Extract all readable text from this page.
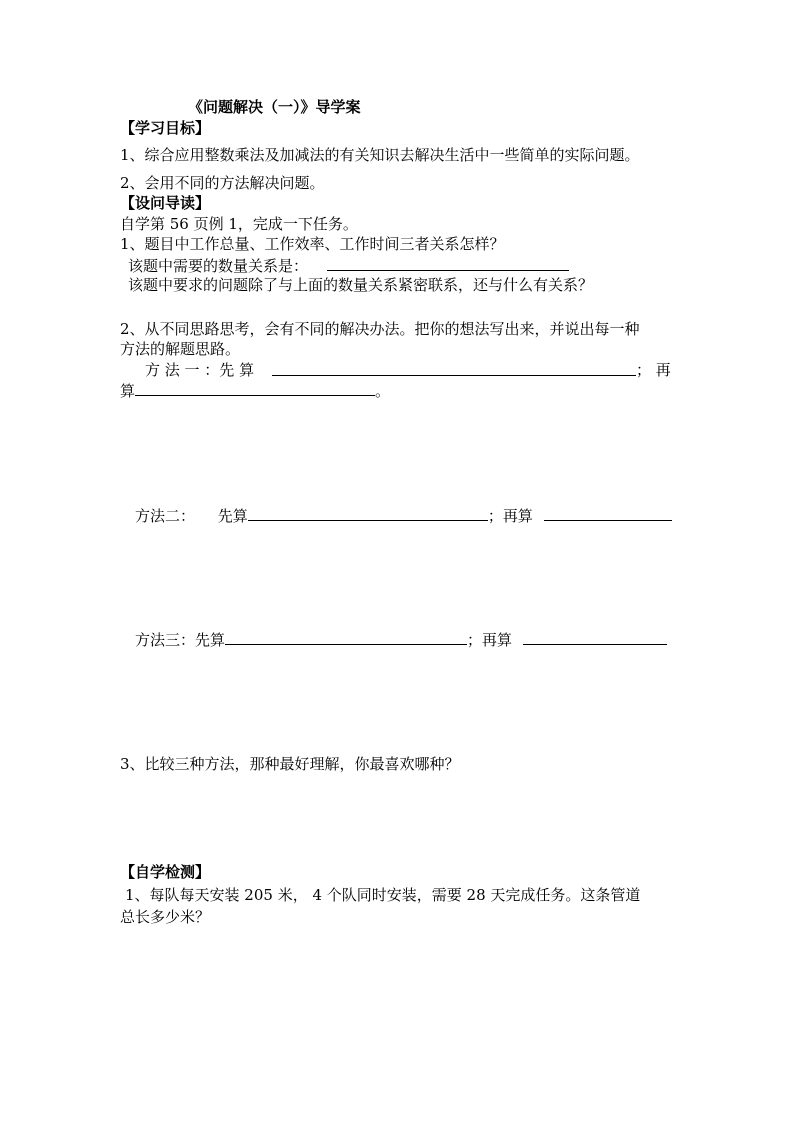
《问题解决（一）》导学案
【学习目标】
1、综合应用整数乘法及加减法的有关知识去解决生活中一些简单的实际问题。
2、会用不同的方法解决问题。
【设问导读】
自学第 56 页例 1，完成一下任务。
1、题目中工作总量、工作效率、工作时间三者关系怎样？
该题中需要的数量关系是：
该题中要求的问题除了与上面的数量关系紧密联系，还与什么有关系？
2、从不同思路思考，会有不同的解决办法。把你的想法写出来，并说出每一种
方法的解题思路。
方 法 一 ：先 算	； 再
算	。
方法二： 先算	；再算
方法三：先算	；再算
3、比较三种方法，那种最好理解，你最喜欢哪种？
【自学检测】
1、每队每天安装 205 米， 4 个队同时安装，需要 28 天完成任务。这条管道
总长多少米？
